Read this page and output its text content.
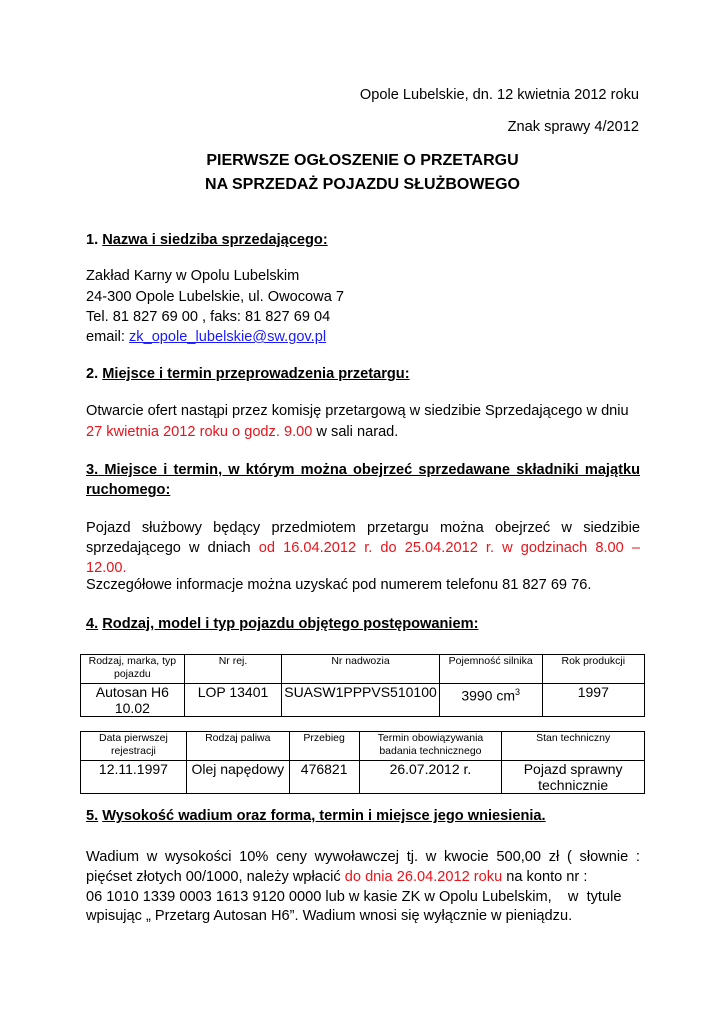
Opole Lubelskie, dn. 12 kwietnia 2012 roku
Znak sprawy 4/2012
PIERWSZE OGŁOSZENIE O PRZETARGU
NA SPRZEDAŻ POJAZDU SŁUŻBOWEGO
1. Nazwa i siedziba sprzedającego:
Zakład Karny w Opolu Lubelskim
24-300 Opole Lubelskie, ul. Owocowa 7
Tel. 81 827 69 00 , faks: 81 827 69 04
email: zk_opole_lubelskie@sw.gov.pl
2. Miejsce i termin przeprowadzenia przetargu:
Otwarcie ofert nastąpi przez komisję przetargową w siedzibie Sprzedającego w dniu
27 kwietnia 2012 roku o godz. 9.00 w sali narad.
3. Miejsce i termin, w którym można obejrzeć sprzedawane składniki majątku
ruchomego:
Pojazd służbowy będący przedmiotem przetargu można obejrzeć w siedzibie
sprzedającego w dniach od 16.04.2012 r. do 25.04.2012 r. w godzinach 8.00 –
12.00.
Szczegółowe informacje można uzyskać pod numerem telefonu 81 827 69 76.
4. Rodzaj, model i typ pojazdu objętego postępowaniem:
Rodzaj, marka, typ pojazdu	Nr rej.	Nr nadwozia	Pojemność silnika	Rok produkcji
Autosan H6 10.02	LOP 13401	SUASW1PPPVS510100	3990 $cm^3$	1997
Data pierwszej rejestracji	Rodzaj paliwa	Przebieg	Termin obowiązywania badania technicznego	Stan techniczny
12.11.1997	Olej napędowy	476821	26.07.2012 r.	Pojazd sprawny technicznie
5. Wysokość wadium oraz forma, termin i miejsce jego wniesienia.
Wadium w wysokości 10% ceny wywoławczej tj. w kwocie 500,00 zł ( słownie :
pięćset złotych 00/1000, należy wpłacić do dnia 26.04.2012 roku na konto nr :
06 1010 1339 0003 1613 9120 0000 lub w kasie ZK w Opolu Lubelskim,    w  tytule
wpisując „ Przetarg Autosan H6”. Wadium wnosi się wyłącznie w pieniądzu.
